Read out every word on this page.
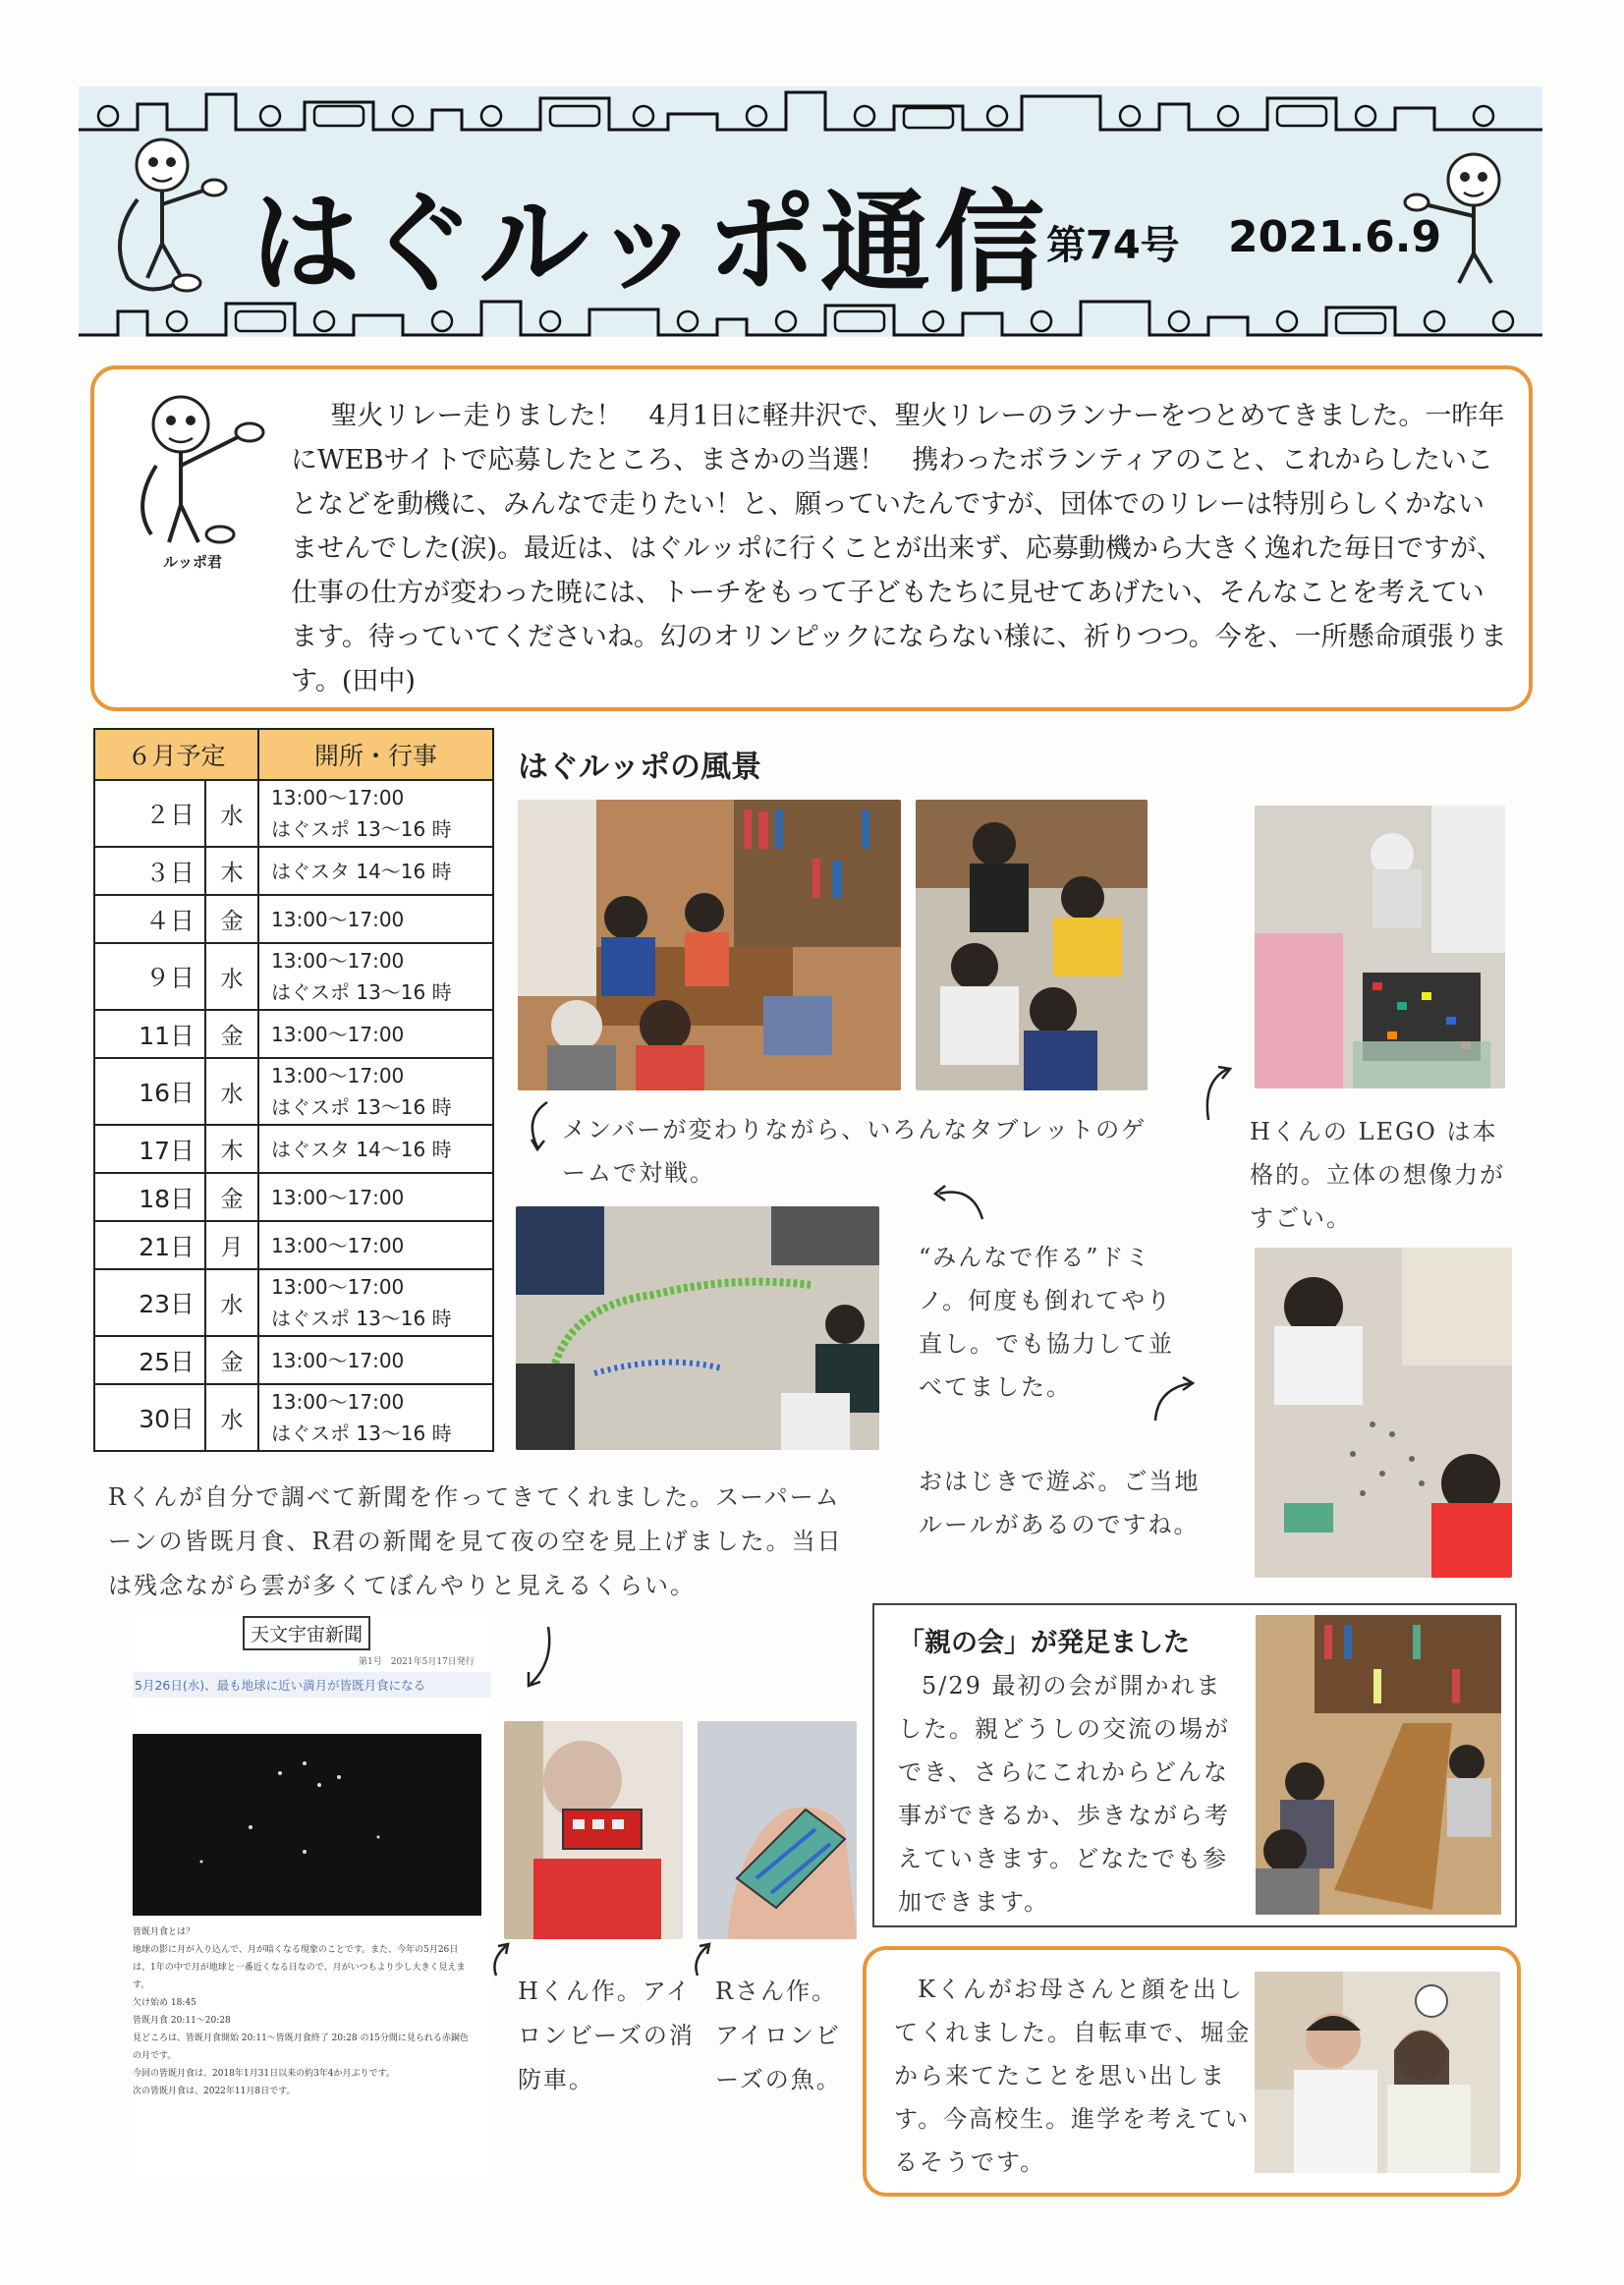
はぐルッポ通信
第74号 2021.6.9
ルッポ君
聖火リレー走りました！　4月1日に軽井沢で、聖火リレーのランナーをつとめてきました。一昨年にWEBサイトで応募したところ、まさかの当選！　携わったボランティアのこと、これからしたいことなどを動機に、みんなで走りたい！と、願っていたんですが、団体でのリレーは特別らしくかないませんでした(涙)。最近は、はぐルッポに行くことが出来ず、応募動機から大きく逸れた毎日ですが、仕事の仕方が変わった暁には、トーチをもって子どもたちに見せてあげたい、そんなことを考えています。待っていてくださいね。幻のオリンピックにならない様に、祈りつつ。今を、一所懸命頑張ります。(田中)
６月予定		開所・行事
２日	水	13:00～17:00
はぐスポ 13～16 時

３日	木	はぐスタ 14～16 時

４日	金	13:00～17:00

９日	水	13:00～17:00
はぐスポ 13～16 時

11日	金	13:00～17:00

16日	水	13:00～17:00
はぐスポ 13～16 時

17日	木	はぐスタ 14～16 時

18日	金	13:00～17:00

21日	月	13:00～17:00

23日	水	13:00～17:00
はぐスポ 13～16 時

25日	金	13:00～17:00

30日	水	13:00～17:00
はぐスポ 13～16 時
はぐルッポの風景
メンバーが変わりながら、いろんなタブレットのゲームで対戦。
Hくんの LEGO は本格的。立体の想像力がすごい。
“みんなで作る”ドミノ。何度も倒れてやり直し。でも協力して並べてました。
おはじきで遊ぶ。ご当地ルールがあるのですね。
Rくんが自分で調べて新聞を作ってきてくれました。スーパームーンの皆既月食、R君の新聞を見て夜の空を見上げました。当日は残念ながら雲が多くてぼんやりと見えるくらい。
天文宇宙新聞
第1号　2021年5月17日発行
5月26日(水)、最も地球に近い満月が皆既月食になる
皆既月食とは？
地球の影に月が入り込んで、月が暗くなる現象のことです。また、今年の5月26日は、1年の中で月が地球と一番近くなる日なので、月がいつもより少し大きく見えます。
欠け始め 18:45
皆既月食 20:11～20:28
見どころは、皆既月食開始 20:11～皆既月食終了 20:28 の15分間に見られる赤銅色の月です。
今回の皆既月食は、2018年1月31日以来の約3年4か月ぶりです。
次の皆既月食は、2022年11月8日です。
Hくん作。アイロンビーズの消防車。
Rさん作。アイロンビーズの魚。
「親の会」が発足ました
5/29 最初の会が開かれました。親どうしの交流の場ができ、さらにこれからどんな事ができるか、歩きながら考えていきます。どなたでも参加できます。
Kくんがお母さんと顔を出してくれました。自転車で、堀金から来てたことを思い出します。今高校生。進学を考えているそうです。
